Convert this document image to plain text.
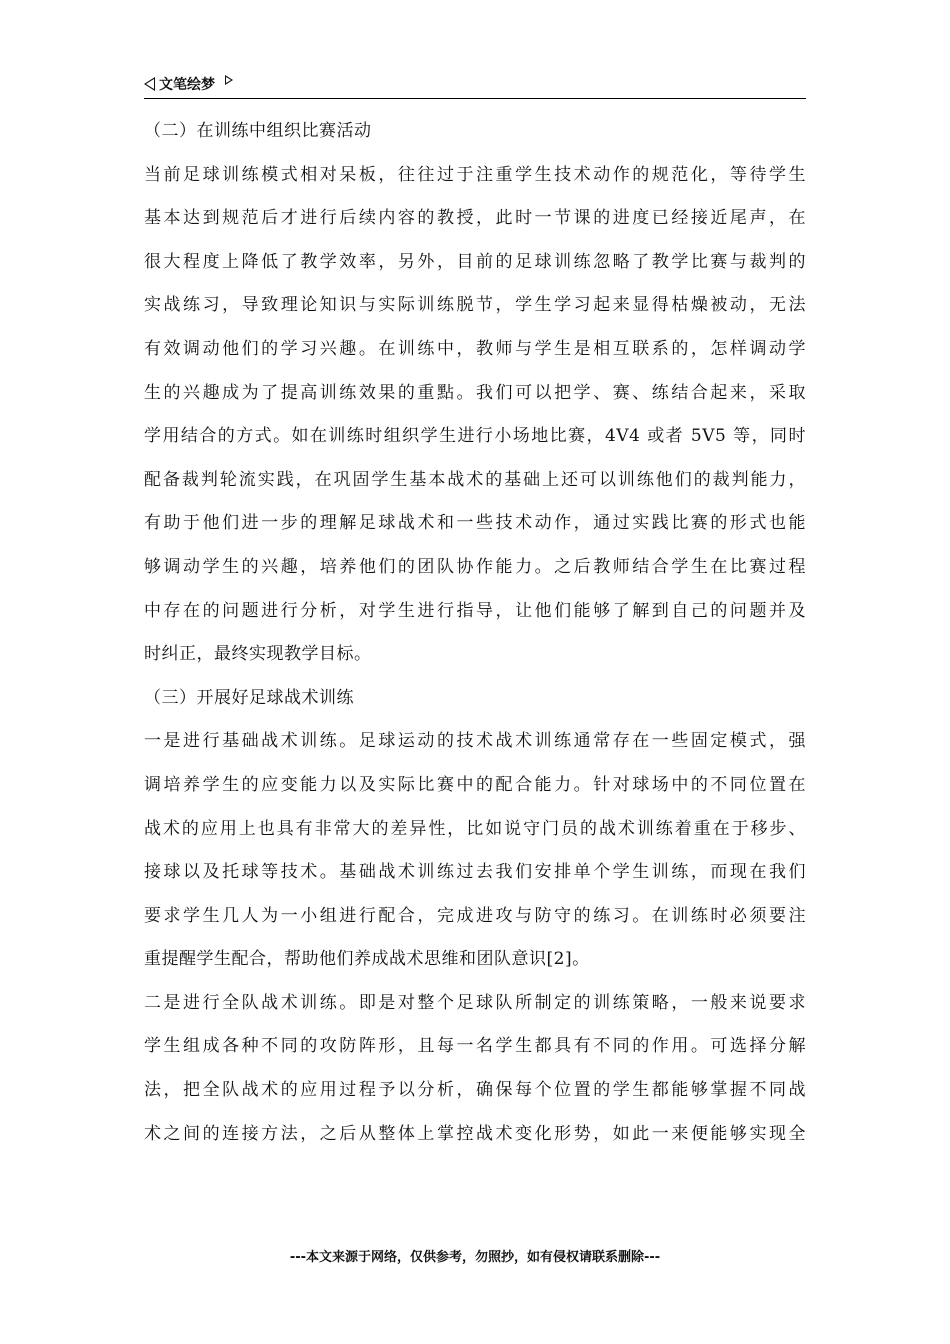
文笔绘梦
（二）在训练中组织比赛活动
当前足球训练模式相对呆板，往往过于注重学生技术动作的规范化，等待学生
基本达到规范后才进行后续内容的教授，此时一节课的进度已经接近尾声，在
很大程度上降低了教学效率，另外，目前的足球训练忽略了教学比赛与裁判的
实战练习，导致理论知识与实际训练脱节，学生学习起来显得枯燥被动，无法
有效调动他们的学习兴趣。在训练中，教师与学生是相互联系的，怎样调动学
生的兴趣成为了提高训练效果的重點。我们可以把学、赛、练结合起来，采取
学用结合的方式。如在训练时组织学生进行小场地比赛，4V4 或者 5V5 等，同时
配备裁判轮流实践，在巩固学生基本战术的基础上还可以训练他们的裁判能力，
有助于他们进一步的理解足球战术和一些技术动作，通过实践比赛的形式也能
够调动学生的兴趣，培养他们的团队协作能力。之后教师结合学生在比赛过程
中存在的问题进行分析，对学生进行指导，让他们能够了解到自己的问题并及
时纠正，最终实现教学目标。
（三）开展好足球战术训练
一是进行基础战术训练。足球运动的技术战术训练通常存在一些固定模式，强
调培养学生的应变能力以及实际比赛中的配合能力。针对球场中的不同位置在
战术的应用上也具有非常大的差异性，比如说守门员的战术训练着重在于移步、
接球以及托球等技术。基础战术训练过去我们安排单个学生训练，而现在我们
要求学生几人为一小组进行配合，完成进攻与防守的练习。在训练时必须要注
重提醒学生配合，帮助他们养成战术思维和团队意识[2]。
二是进行全队战术训练。即是对整个足球队所制定的训练策略，一般来说要求
学生组成各种不同的攻防阵形，且每一名学生都具有不同的作用。可选择分解
法，把全队战术的应用过程予以分析，确保每个位置的学生都能够掌握不同战
术之间的连接方法，之后从整体上掌控战术变化形势，如此一来便能够实现全
---本文来源于网络，仅供参考，勿照抄，如有侵权请联系删除---
